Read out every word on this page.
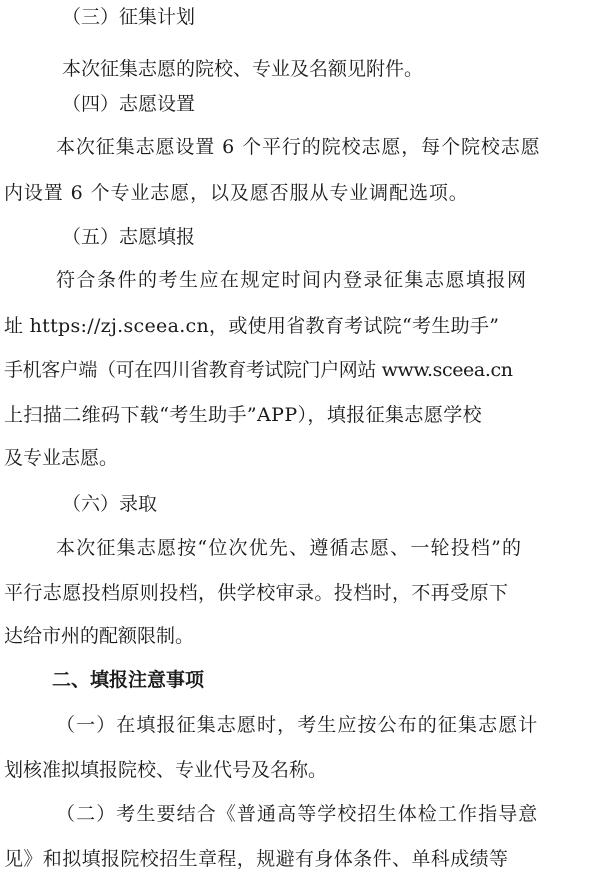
（三）征集计划
本次征集志愿的院校、专业及名额见附件。
（四）志愿设置
本次征集志愿设置 6 个平行的院校志愿，每个院校志愿
内设置 6 个专业志愿，以及愿否服从专业调配选项。
（五）志愿填报
符合条件的考生应在规定时间内登录征集志愿填报网
址 https://zj.sceea.cn，或使用省教育考试院“考生助手”
手机客户端（可在四川省教育考试院门户网站 www.sceea.cn
上扫描二维码下载“考生助手”APP），填报征集志愿学校
及专业志愿。
（六）录取
本次征集志愿按“位次优先、遵循志愿、一轮投档”的
平行志愿投档原则投档，供学校审录。投档时，不再受原下
达给市州的配额限制。
二、填报注意事项
（一）在填报征集志愿时，考生应按公布的征集志愿计
划核准拟填报院校、专业代号及名称。
（二）考生要结合《普通高等学校招生体检工作指导意
见》和拟填报院校招生章程，规避有身体条件、单科成绩等
